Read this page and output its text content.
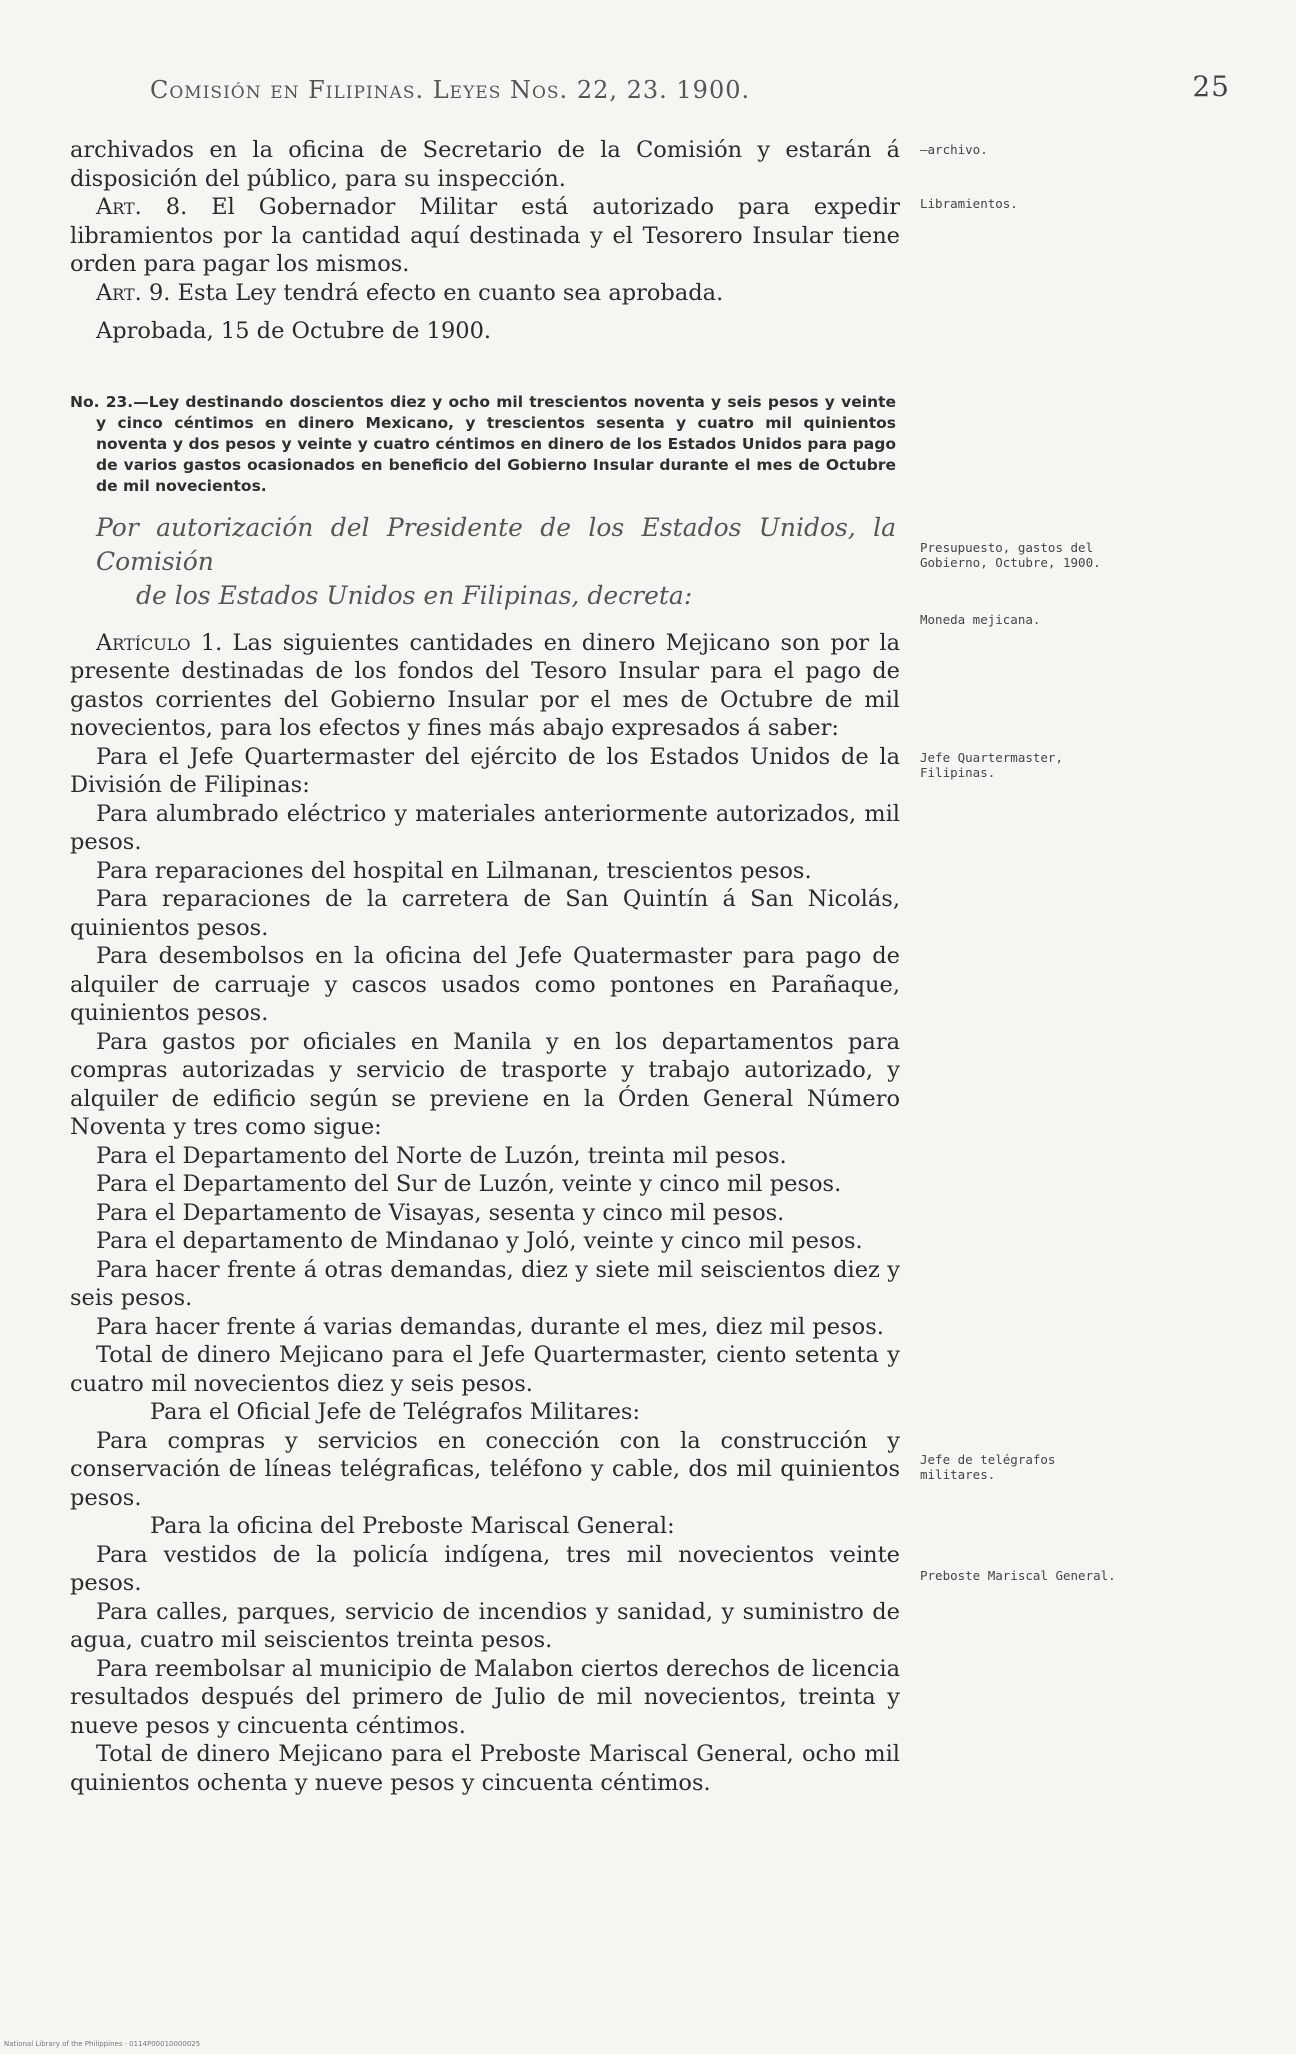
Comisión en Filipinas. Leyes Nos. 22, 23. 1900.	25

archivados en la oficina de Secretario de la Comisión y estarán á disposición del público, para su inspección.

Art. 8. El Gobernador Militar está autorizado para expedir libramientos por la cantidad aquí destinada y el Tesorero Insular tiene orden para pagar los mismos.

Art. 9. Esta Ley tendrá efecto en cuanto sea aprobada.

Aprobada, 15 de Octubre de 1900.

No. 23.—Ley destinando doscientos diez y ocho mil trescientos noventa y seis pesos y veinte y cinco céntimos en dinero Mexicano, y trescientos sesenta y cuatro mil quinientos noventa y dos pesos y veinte y cuatro céntimos en dinero de los Estados Unidos para pago de varios gastos ocasionados en beneficio del Gobierno Insular durante el mes de Octubre de mil novecientos.

Por autorización del Presidente de los Estados Unidos, la Comisión
de los Estados Unidos en Filipinas, decreta:

Artículo 1. Las siguientes cantidades en dinero Mejicano son por la presente destinadas de los fondos del Tesoro Insular para el pago de gastos corrientes del Gobierno Insular por el mes de Octubre de mil novecientos, para los efectos y fines más abajo expresados á saber:

Para el Jefe Quartermaster del ejército de los Estados Unidos de la División de Filipinas:

Para alumbrado eléctrico y materiales anteriormente autorizados, mil pesos.

Para reparaciones del hospital en Lilmanan, trescientos pesos.

Para reparaciones de la carretera de San Quintín á San Nicolás, quinientos pesos.

Para desembolsos en la oficina del Jefe Quatermaster para pago de alquiler de carruaje y cascos usados como pontones en Parañaque, quinientos pesos.

Para gastos por oficiales en Manila y en los departamentos para compras autorizadas y servicio de trasporte y trabajo autorizado, y alquiler de edificio según se previene en la Órden General Número Noventa y tres como sigue:

Para el Departamento del Norte de Luzón, treinta mil pesos.

Para el Departamento del Sur de Luzón, veinte y cinco mil pesos.

Para el Departamento de Visayas, sesenta y cinco mil pesos.

Para el departamento de Mindanao y Joló, veinte y cinco mil pesos.

Para hacer frente á otras demandas, diez y siete mil seiscientos diez y seis pesos.

Para hacer frente á varias demandas, durante el mes, diez mil pesos.

Total de dinero Mejicano para el Jefe Quartermaster, ciento setenta y cuatro mil novecientos diez y seis pesos.

Para el Oficial Jefe de Telégrafos Militares:

Para compras y servicios en conección con la construcción y conservación de líneas telégraficas, teléfono y cable, dos mil quinientos pesos.

Para la oficina del Preboste Mariscal General:

Para vestidos de la policía indígena, tres mil novecientos veinte pesos.

Para calles, parques, servicio de incendios y sanidad, y suministro de agua, cuatro mil seiscientos treinta pesos.

Para reembolsar al municipio de Malabon ciertos derechos de licencia resultados después del primero de Julio de mil novecientos, treinta y nueve pesos y cincuenta céntimos.

Total de dinero Mejicano para el Preboste Mariscal General, ocho mil quinientos ochenta y nueve pesos y cincuenta céntimos.

—archivo.
Libramientos.
Presupuesto, gastos del Gobierno, Octubre, 1900.
Moneda mejicana.
Jefe Quartermaster, Filipinas.
Jefe de telégrafos militares.
Preboste Mariscal General.
National Library of the Philippines · 0114P00010000025
